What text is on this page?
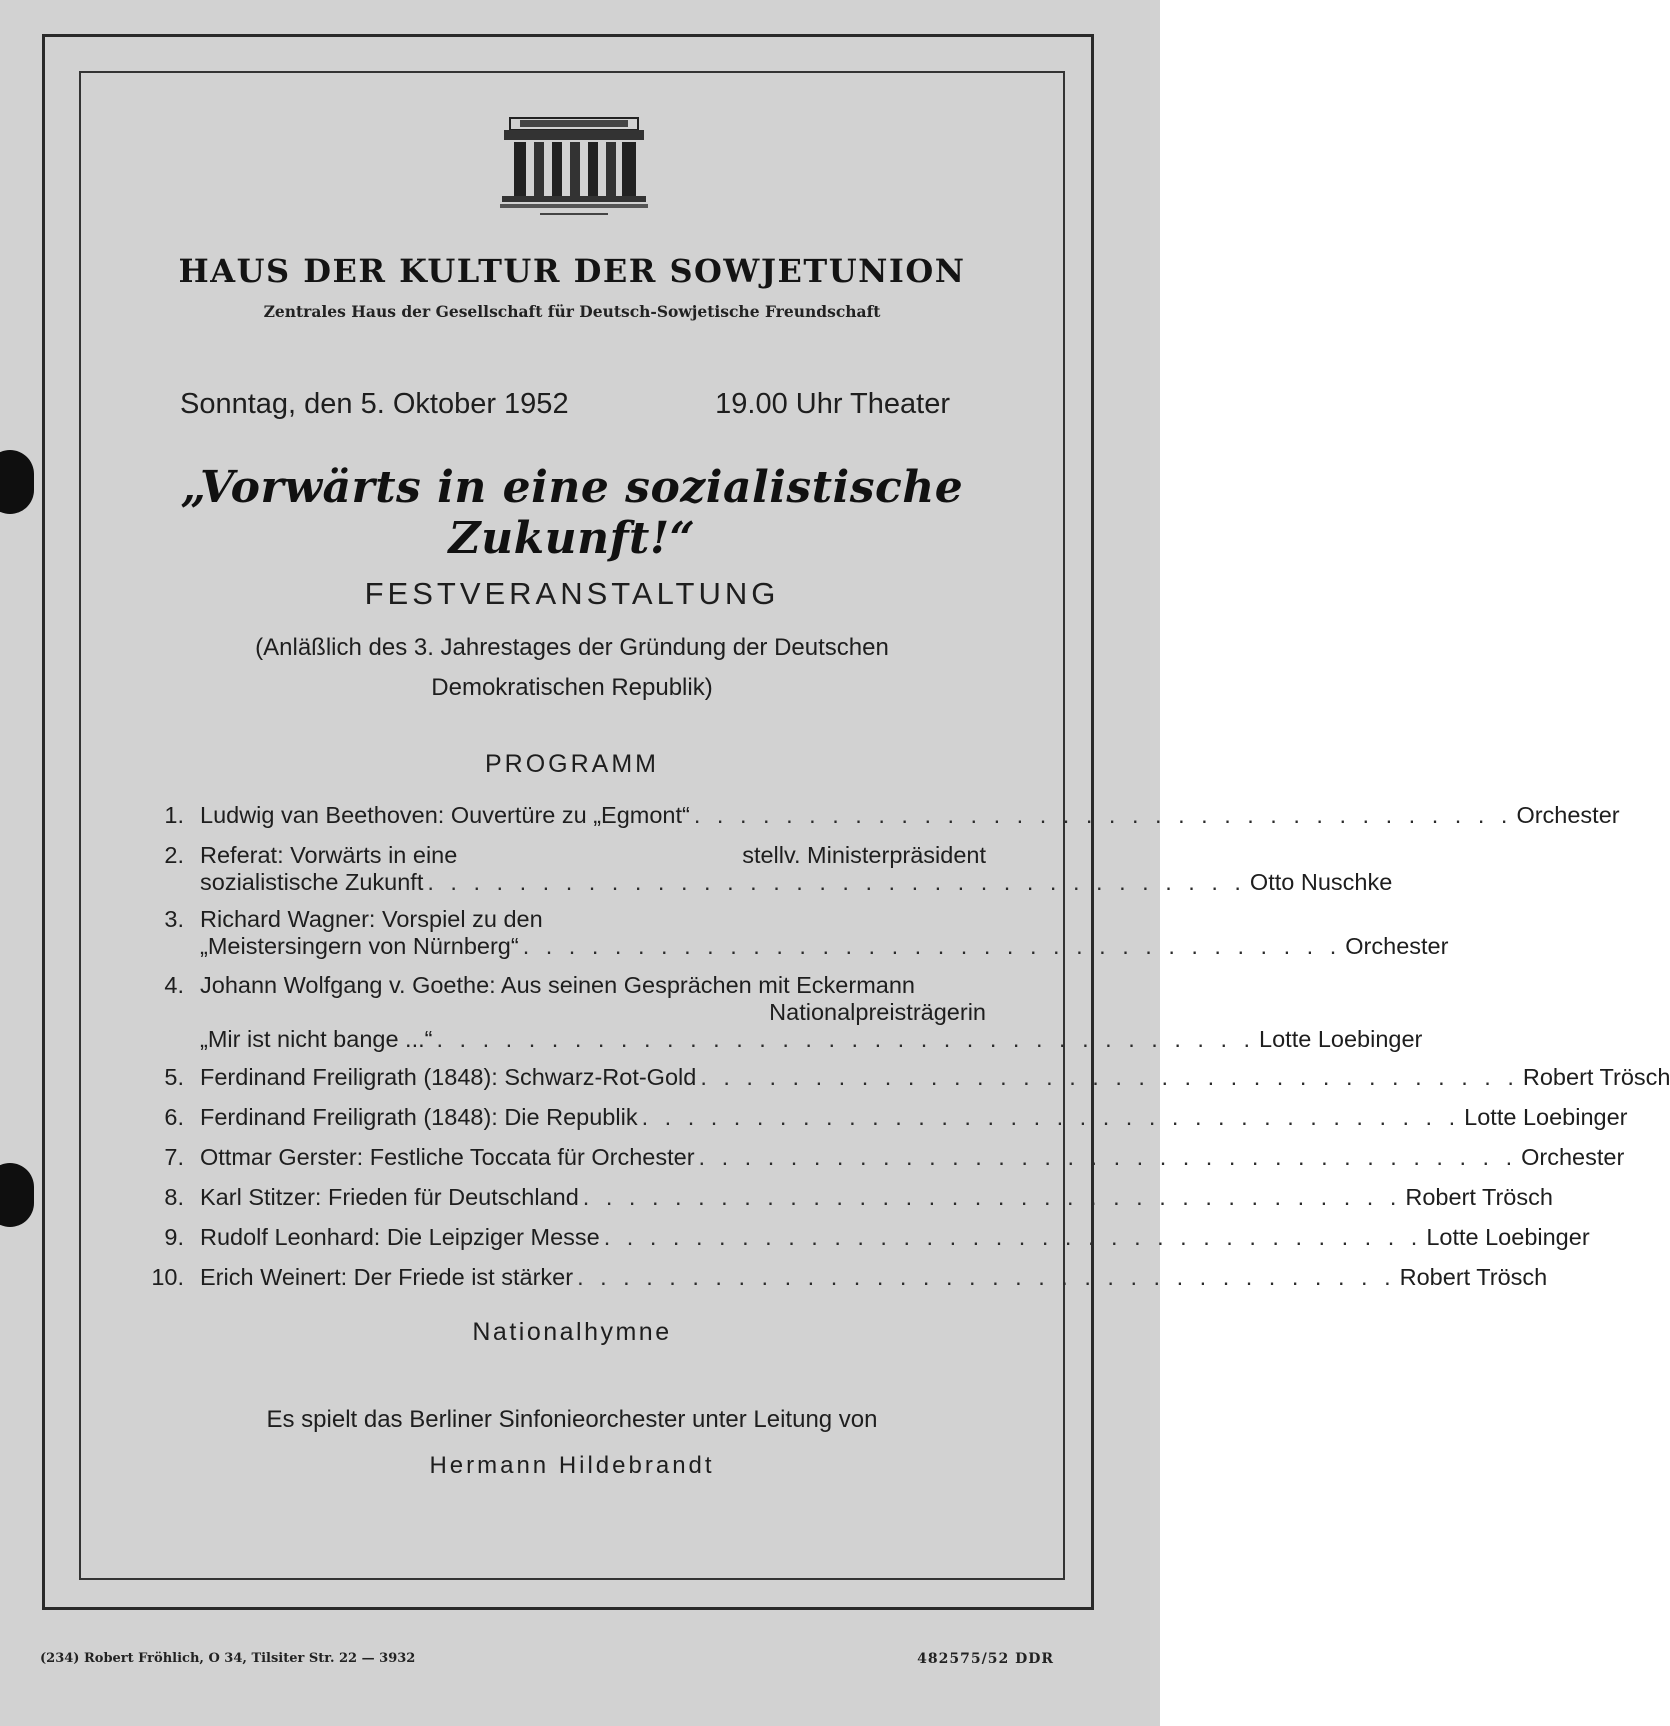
HAUS DER KULTUR DER SOWJETUNION
Zentrales Haus der Gesellschaft für Deutsch-Sowjetische Freundschaft
Sonntag, den 5. Oktober 1952	19.00 Uhr Theater
„Vorwärts in eine sozialistische Zukunft!“
FESTVERANSTALTUNG
(Anläßlich des 3. Jahrestages der Gründung der Deutschen
Demokratischen Republik)
PROGRAMM
1. Ludwig van Beethoven: Ouvertüre zu „Egmont“ . . . . . . . . . . . . . . . . . . . . . . . . . . . . . . . . . . . . Orchester
2. Referat: Vorwärts in eine	stellv. Ministerpräsident
sozialistische Zukunft . . . . . . . . . . . . . . . . . . . . . . . . . . . . . . . . . . . . Otto Nuschke
3. Richard Wagner: Vorspiel zu den
„Meistersingern von Nürnberg“ . . . . . . . . . . . . . . . . . . . . . . . . . . . . . . . . . . . . Orchester
4. Johann Wolfgang v. Goethe: Aus seinen Gesprächen mit Eckermann
Nationalpreisträgerin
„Mir ist nicht bange ...“ . . . . . . . . . . . . . . . . . . . . . . . . . . . . . . . . . . . . Lotte Loebinger
5. Ferdinand Freiligrath (1848): Schwarz-Rot-Gold . . . . . . . . . . . . . . . . . . . . . . . . . . . . . . . . . . . . Robert Trösch
6. Ferdinand Freiligrath (1848): Die Republik . . . . . . . . . . . . . . . . . . . . . . . . . . . . . . . . . . . . Lotte Loebinger
7. Ottmar Gerster: Festliche Toccata für Orchester . . . . . . . . . . . . . . . . . . . . . . . . . . . . . . . . . . . . Orchester
8. Karl Stitzer: Frieden für Deutschland . . . . . . . . . . . . . . . . . . . . . . . . . . . . . . . . . . . . Robert Trösch
9. Rudolf Leonhard: Die Leipziger Messe . . . . . . . . . . . . . . . . . . . . . . . . . . . . . . . . . . . . Lotte Loebinger
10. Erich Weinert: Der Friede ist stärker . . . . . . . . . . . . . . . . . . . . . . . . . . . . . . . . . . . . Robert Trösch
Nationalhymne
Es spielt das Berliner Sinfonieorchester unter Leitung von
Hermann Hildebrandt
(234) Robert Fröhlich, O 34, Tilsiter Str. 22 — 3932	482575/52 DDR
